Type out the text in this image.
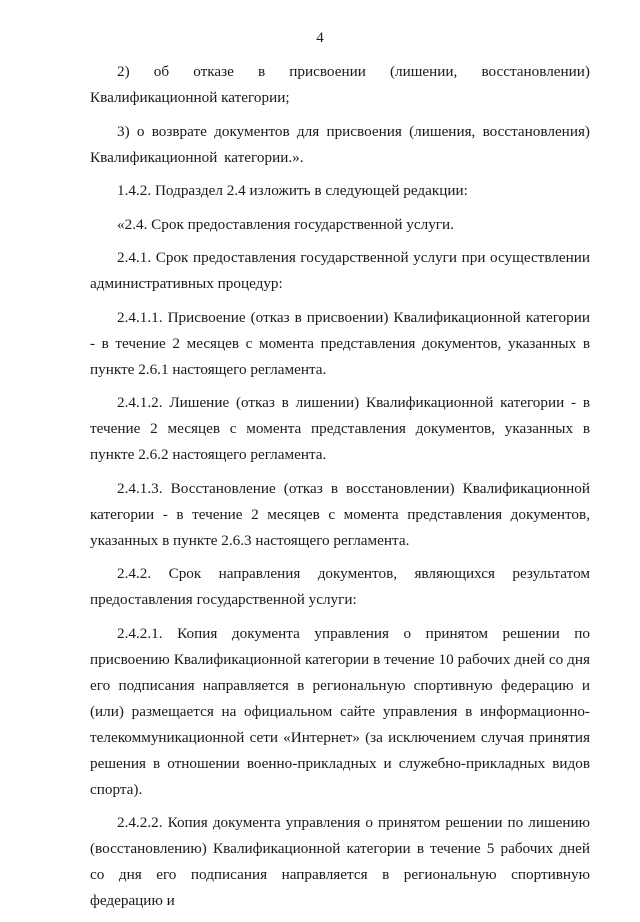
4

2) об отказе в присвоении (лишении, восстановлении) Квалификационной категории;

3) о возврате документов для присвоения (лишения, восстановления) Квалификационной категории.».

1.4.2. Подраздел 2.4 изложить в следующей редакции:

«2.4. Срок предоставления государственной услуги.

2.4.1. Срок предоставления государственной услуги при осуществлении административных процедур:

2.4.1.1. Присвоение (отказ в присвоении) Квалификационной категории - в течение 2 месяцев с момента представления документов, указанных в пункте 2.6.1 настоящего регламента.

2.4.1.2. Лишение (отказ в лишении) Квалификационной категории - в течение 2 месяцев с момента представления документов, указанных в пункте 2.6.2 настоящего регламента.

2.4.1.3. Восстановление (отказ в восстановлении) Квалификационной категории - в течение 2 месяцев с момента представления документов, указанных в пункте 2.6.3 настоящего регламента.

2.4.2. Срок направления документов, являющихся результатом предоставления государственной услуги:

2.4.2.1. Копия документа управления о принятом решении по присвоению Квалификационной категории в течение 10 рабочих дней со дня его подписания направляется в региональную спортивную федерацию и (или) размещается на официальном сайте управления в информационно-телекоммуникационной сети «Интернет» (за исключением случая принятия решения в отношении военно-прикладных и служебно-прикладных видов спорта).

2.4.2.2. Копия документа управления о принятом решении по лишению (восстановлению) Квалификационной категории в течение 5 рабочих дней со дня его подписания направляется в региональную спортивную федерацию и
